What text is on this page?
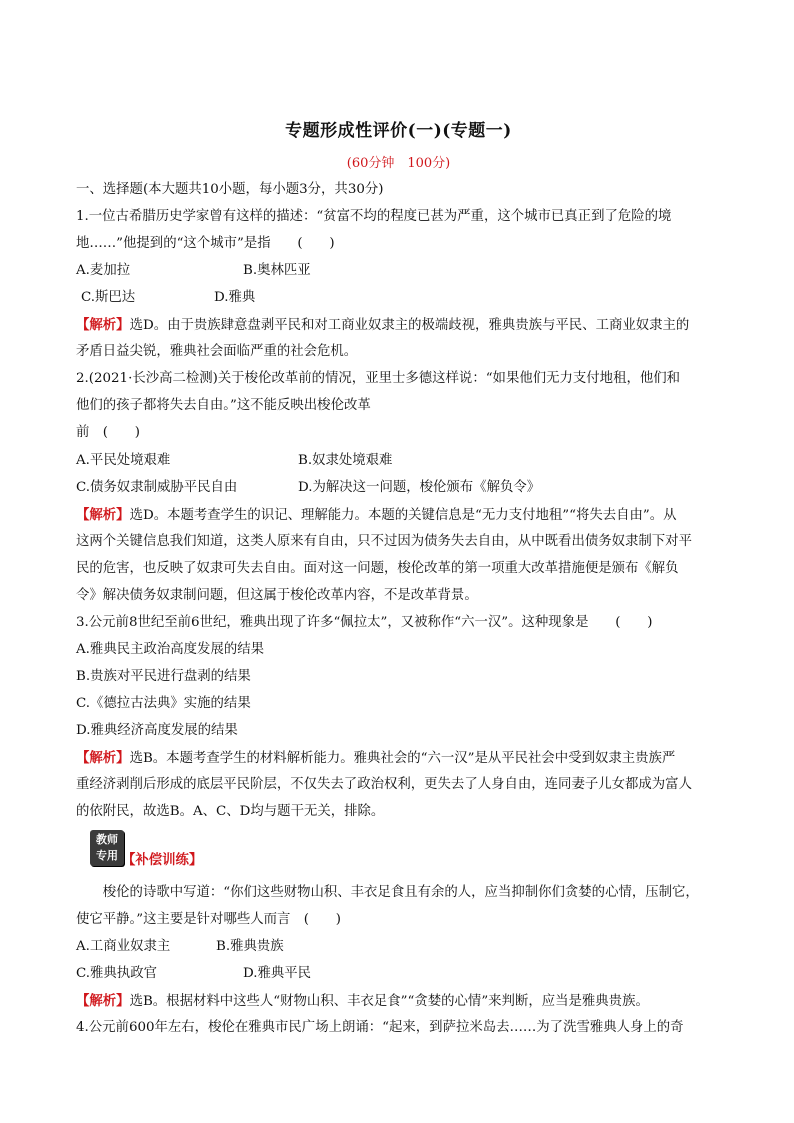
专题形成性评价(一)(专题一)
(60分钟　100分)
一、选择题(本大题共10小题，每小题3分，共30分)
1.一位古希腊历史学家曾有这样的描述：“贫富不均的程度已甚为严重，这个城市已真正到了危险的境
地……”他提到的“这个城市”是指　　(　　)
A.麦加拉	B.奥林匹亚
C.斯巴达	D.雅典
【解析】选D。由于贵族肆意盘剥平民和对工商业奴隶主的极端歧视，雅典贵族与平民、工商业奴隶主的
矛盾日益尖锐，雅典社会面临严重的社会危机。
2.(2021·长沙高二检测)关于梭伦改革前的情况，亚里士多德这样说：“如果他们无力支付地租，他们和
他们的孩子都将失去自由。”这不能反映出梭伦改革
前　(　　)
A.平民处境艰难	B.奴隶处境艰难
C.债务奴隶制威胁平民自由	D.为解决这一问题，梭伦颁布《解负令》
【解析】选D。本题考查学生的识记、理解能力。本题的关键信息是“无力支付地租”“将失去自由”。从
这两个关键信息我们知道，这类人原来有自由，只不过因为债务失去自由，从中既看出债务奴隶制下对平
民的危害，也反映了奴隶可失去自由。面对这一问题，梭伦改革的第一项重大改革措施便是颁布《解负
令》解决债务奴隶制问题，但这属于梭伦改革内容，不是改革背景。
3.公元前8世纪至前6世纪，雅典出现了许多“佩拉太”，又被称作“六一汉”。这种现象是　　(　　)
A.雅典民主政治高度发展的结果
B.贵族对平民进行盘剥的结果
C.《德拉古法典》实施的结果
D.雅典经济高度发展的结果
【解析】选B。本题考查学生的材料解析能力。雅典社会的“六一汉”是从平民社会中受到奴隶主贵族严
重经济剥削后形成的底层平民阶层，不仅失去了政治权利，更失去了人身自由，连同妻子儿女都成为富人
的依附民，故选B。A、C、D均与题干无关，排除。
教师
专用 【补偿训练】
　　梭伦的诗歌中写道：“你们这些财物山积、丰衣足食且有余的人，应当抑制你们贪婪的心情，压制它，
使它平静。”这主要是针对哪些人而言　(　　)
A.工商业奴隶主	B.雅典贵族
C.雅典执政官	D.雅典平民
【解析】选B。根据材料中这些人“财物山积、丰衣足食”“贪婪的心情”来判断，应当是雅典贵族。
4.公元前600年左右，梭伦在雅典市民广场上朗诵：“起来，到萨拉米岛去……为了洗雪雅典人身上的奇
